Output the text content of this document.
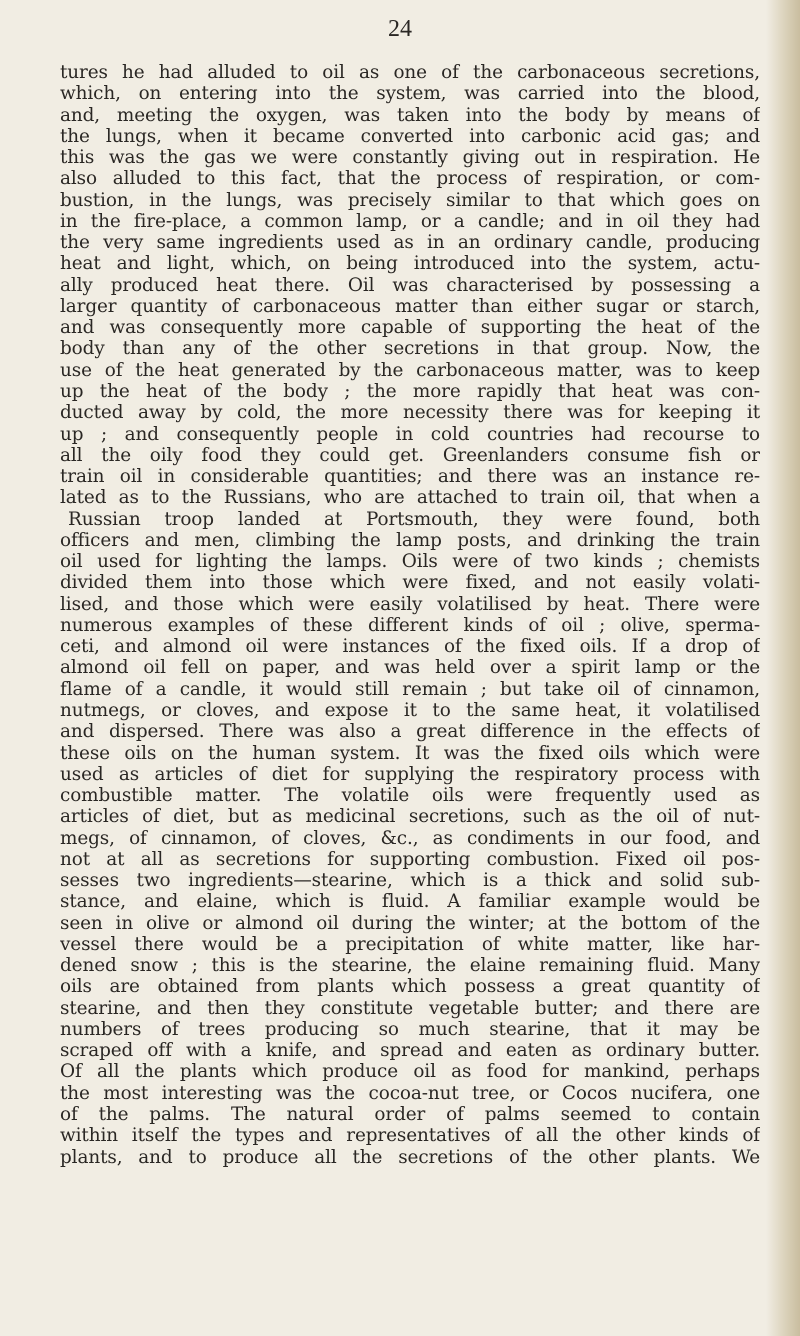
24
tures he had alluded to oil as one of the carbonaceous secretions,
which, on entering into the system, was carried into the blood,
and, meeting the oxygen, was taken into the body by means of
the lungs, when it became converted into carbonic acid gas; and
this was the gas we were constantly giving out in respiration. He
also alluded to this fact, that the process of respiration, or com-
bustion, in the lungs, was precisely similar to that which goes on
in the fire-place, a common lamp, or a candle; and in oil they had
the very same ingredients used as in an ordinary candle, producing
heat and light, which, on being introduced into the system, actu-
ally produced heat there. Oil was characterised by possessing a
larger quantity of carbonaceous matter than either sugar or starch,
and was consequently more capable of supporting the heat of the
body than any of the other secretions in that group. Now, the
use of the heat generated by the carbonaceous matter, was to keep
up the heat of the body ; the more rapidly that heat was con-
ducted away by cold, the more necessity there was for keeping it
up ; and consequently people in cold countries had recourse to
all the oily food they could get. Greenlanders consume fish or
train oil in considerable quantities; and there was an instance re-
lated as to the Russians, who are attached to train oil, that when a
Russian troop landed at Portsmouth, they were found, both
officers and men, climbing the lamp posts, and drinking the train
oil used for lighting the lamps. Oils were of two kinds ; chemists
divided them into those which were fixed, and not easily volati-
lised, and those which were easily volatilised by heat. There were
numerous examples of these different kinds of oil ; olive, sperma-
ceti, and almond oil were instances of the fixed oils. If a drop of
almond oil fell on paper, and was held over a spirit lamp or the
flame of a candle, it would still remain ; but take oil of cinnamon,
nutmegs, or cloves, and expose it to the same heat, it volatilised
and dispersed. There was also a great difference in the effects of
these oils on the human system. It was the fixed oils which were
used as articles of diet for supplying the respiratory process with
combustible matter. The volatile oils were frequently used as
articles of diet, but as medicinal secretions, such as the oil of nut-
megs, of cinnamon, of cloves, &c., as condiments in our food, and
not at all as secretions for supporting combustion. Fixed oil pos-
sesses two ingredients—stearine, which is a thick and solid sub-
stance, and elaine, which is fluid. A familiar example would be
seen in olive or almond oil during the winter; at the bottom of the
vessel there would be a precipitation of white matter, like har-
dened snow ; this is the stearine, the elaine remaining fluid. Many
oils are obtained from plants which possess a great quantity of
stearine, and then they constitute vegetable butter; and there are
numbers of trees producing so much stearine, that it may be
scraped off with a knife, and spread and eaten as ordinary butter.
Of all the plants which produce oil as food for mankind, perhaps
the most interesting was the cocoa-nut tree, or Cocos nucifera, one
of the palms. The natural order of palms seemed to contain
within itself the types and representatives of all the other kinds of
plants, and to produce all the secretions of the other plants. We
